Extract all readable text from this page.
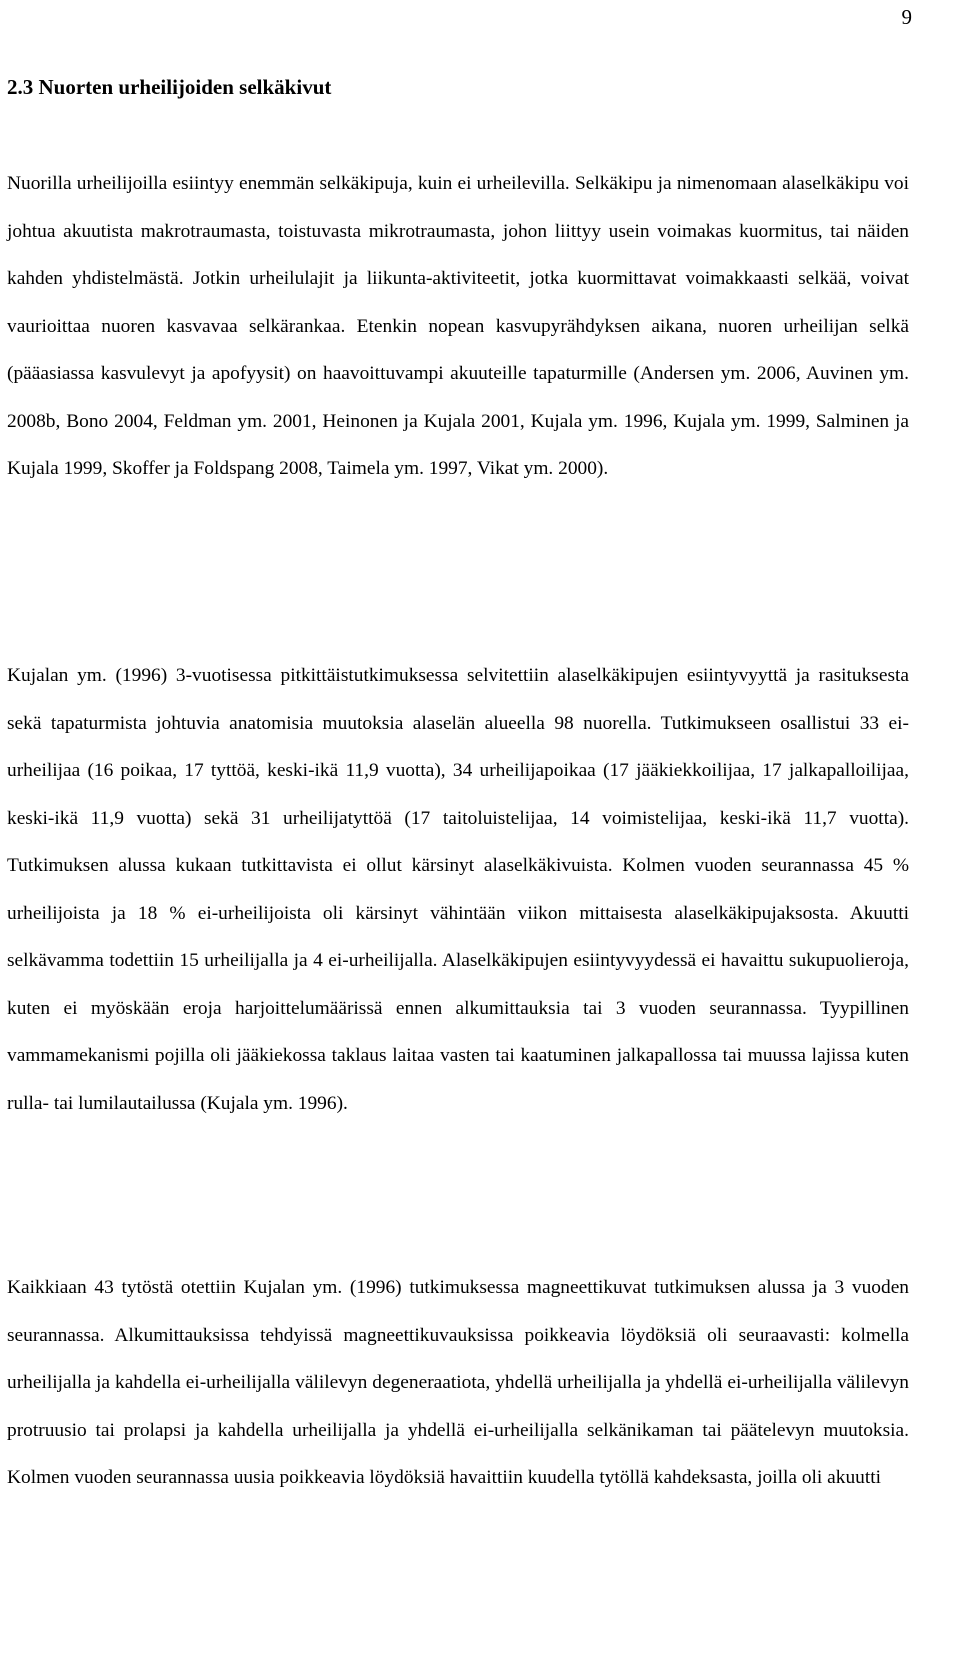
9
2.3 Nuorten urheilijoiden selkäkivut

Nuorilla urheilijoilla esiintyy enemmän selkäkipuja, kuin ei urheilevilla. Selkäkipu ja nimenomaan alaselkäkipu voi johtua akuutista makrotraumasta, toistuvasta mikrotraumasta, johon liittyy usein voimakas kuormitus, tai näiden kahden yhdistelmästä. Jotkin urheilulajit ja liikunta-aktiviteetit, jotka kuormittavat voimakkaasti selkää, voivat vaurioittaa nuoren kasvavaa selkärankaa. Etenkin nopean kasvupyrähdyksen aikana, nuoren urheilijan selkä (pääasiassa kasvulevyt ja apofyysit) on haavoittuvampi akuuteille tapaturmille (Andersen ym. 2006, Auvinen ym. 2008b, Bono 2004, Feldman ym. 2001, Heinonen ja Kujala 2001, Kujala ym. 1996, Kujala ym. 1999, Salminen ja Kujala 1999, Skoffer ja Foldspang 2008, Taimela ym. 1997, Vikat ym. 2000).

Kujalan ym. (1996) 3-vuotisessa pitkittäistutkimuksessa selvitettiin alaselkäkipujen esiintyvyyttä ja rasituksesta sekä tapaturmista johtuvia anatomisia muutoksia alaselän alueella 98 nuorella. Tutkimukseen osallistui 33 ei-urheilijaa (16 poikaa, 17 tyttöä, keski-ikä 11,9 vuotta), 34 urheilijapoikaa (17 jääkiekkoilijaa, 17 jalkapalloilijaa, keski-ikä 11,9 vuotta) sekä 31 urheilijatyttöä (17 taitoluistelijaa, 14 voimistelijaa, keski-ikä 11,7 vuotta). Tutkimuksen alussa kukaan tutkittavista ei ollut kärsinyt alaselkäkivuista. Kolmen vuoden seurannassa 45 % urheilijoista ja 18 % ei-urheilijoista oli kärsinyt vähintään viikon mittaisesta alaselkäkipujaksosta. Akuutti selkävamma todettiin 15 urheilijalla ja 4 ei-urheilijalla. Alaselkäkipujen esiintyvyydessä ei havaittu sukupuolieroja, kuten ei myöskään eroja harjoittelumäärissä ennen alkumittauksia tai 3 vuoden seurannassa. Tyypillinen vammamekanismi pojilla oli jääkiekossa taklaus laitaa vasten tai kaatuminen jalkapallossa tai muussa lajissa kuten rulla- tai lumilautailussa (Kujala ym. 1996).

Kaikkiaan 43 tytöstä otettiin Kujalan ym. (1996) tutkimuksessa magneettikuvat tutkimuksen alussa ja 3 vuoden seurannassa. Alkumittauksissa tehdyissä magneettikuvauksissa poikkeavia löydöksiä oli seuraavasti: kolmella urheilijalla ja kahdella ei-urheilijalla välilevyn degeneraatiota, yhdellä urheilijalla ja yhdellä ei-urheilijalla välilevyn protruusio tai prolapsi ja kahdella urheilijalla ja yhdellä ei-urheilijalla selkänikaman tai päätelevyn muutoksia. Kolmen vuoden seurannassa uusia poikkeavia löydöksiä havaittiin kuudella tytöllä kahdeksasta, joilla oli akuutti
